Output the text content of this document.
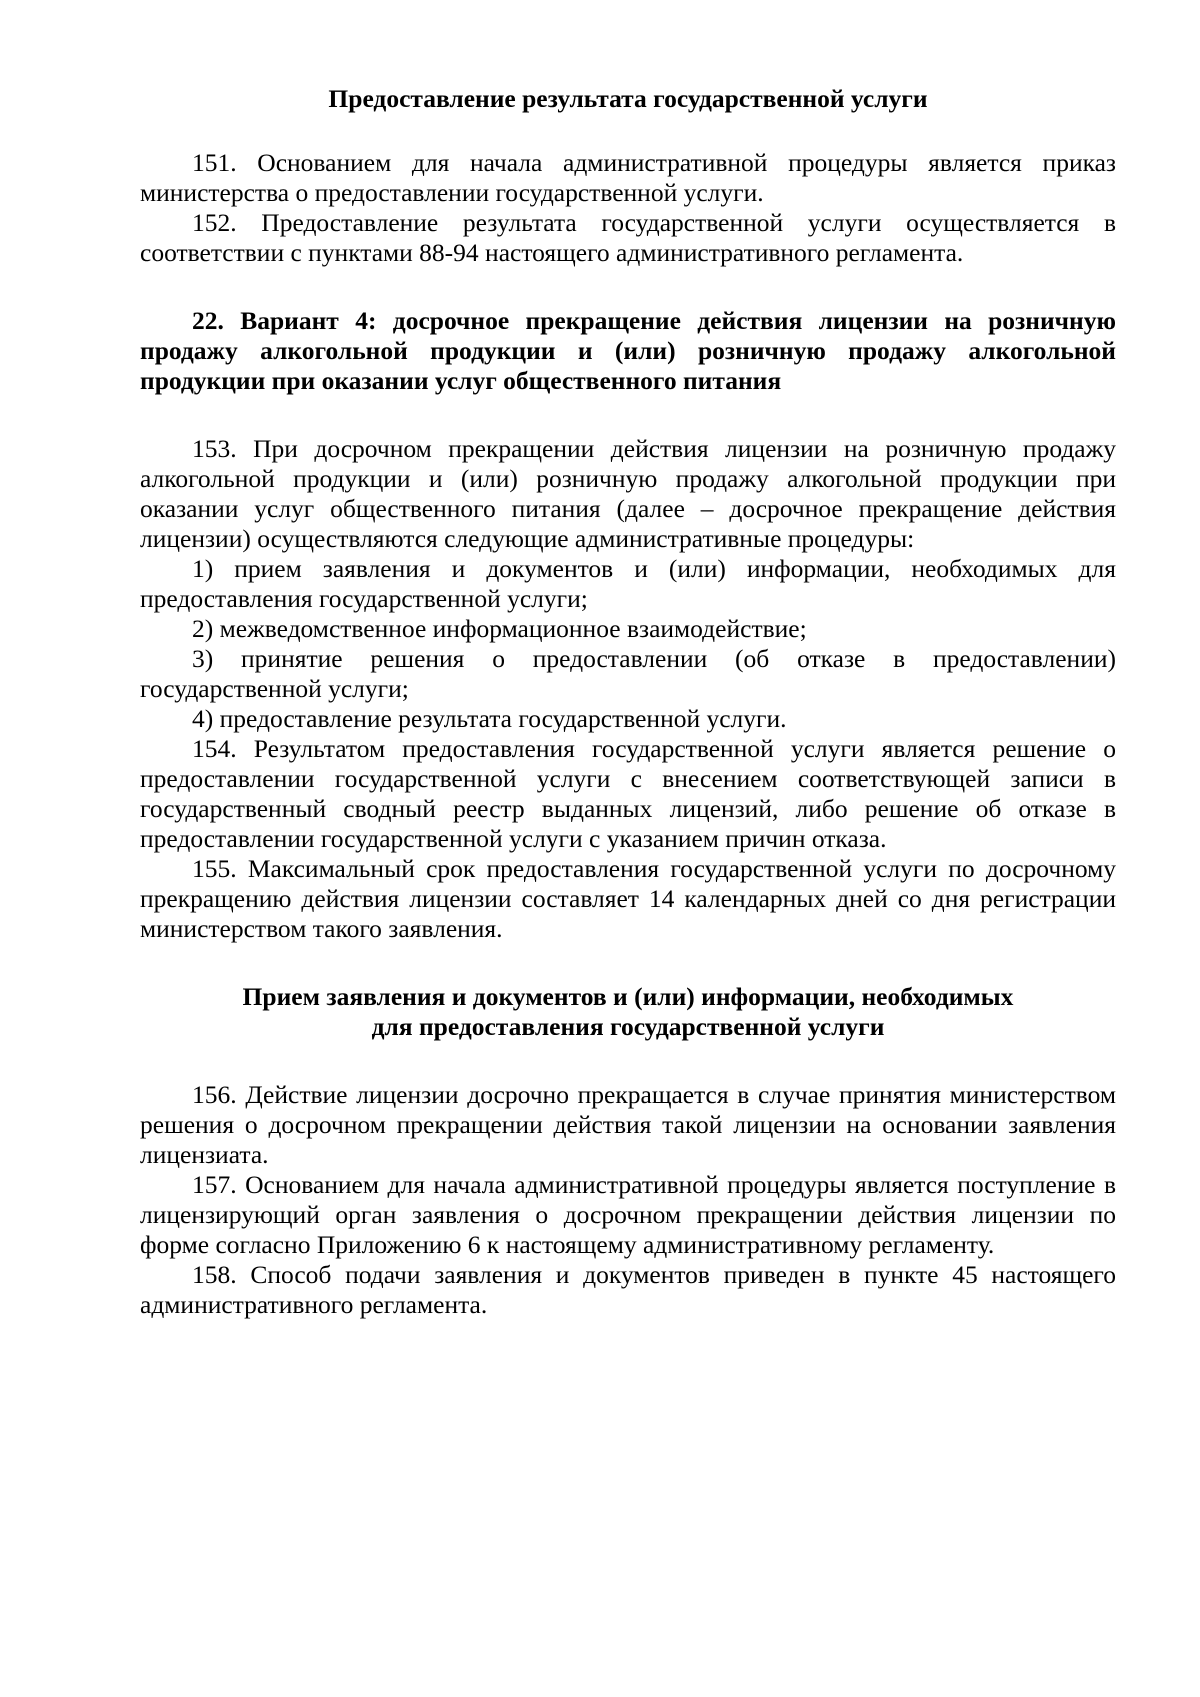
Предоставление результата государственной услуги

151. Основанием для начала административной процедуры является приказ министерства о предоставлении государственной услуги.

152. Предоставление результата государственной услуги осуществляется в соответствии с пунктами 88-94 настоящего административного регламента.

22. Вариант 4: досрочное прекращение действия лицензии на розничную продажу алкогольной продукции и (или) розничную продажу алкогольной продукции при оказании услуг общественного питания

153. При досрочном прекращении действия лицензии на розничную продажу алкогольной продукции и (или) розничную продажу алкогольной продукции при оказании услуг общественного питания (далее – досрочное прекращение действия лицензии) осуществляются следующие административные процедуры:

1) прием заявления и документов и (или) информации, необходимых для предоставления государственной услуги;

2) межведомственное информационное взаимодействие;

3) принятие решения о предоставлении (об отказе в предоставлении) государственной услуги;

4) предоставление результата государственной услуги.

154. Результатом предоставления государственной услуги является решение о предоставлении государственной услуги с внесением соответствующей записи в государственный сводный реестр выданных лицензий, либо решение об отказе в предоставлении государственной услуги с указанием причин отказа.

155. Максимальный срок предоставления государственной услуги по досрочному прекращению действия лицензии составляет 14 календарных дней со дня регистрации министерством такого заявления.

Прием заявления и документов и (или) информации, необходимых

для предоставления государственной услуги

156. Действие лицензии досрочно прекращается в случае принятия министерством решения о досрочном прекращении действия такой лицензии на основании заявления лицензиата.

157. Основанием для начала административной процедуры является поступление в лицензирующий орган заявления о досрочном прекращении действия лицензии по форме согласно Приложению 6 к настоящему административному регламенту.

158. Способ подачи заявления и документов приведен в пункте 45 настоящего административного регламента.
